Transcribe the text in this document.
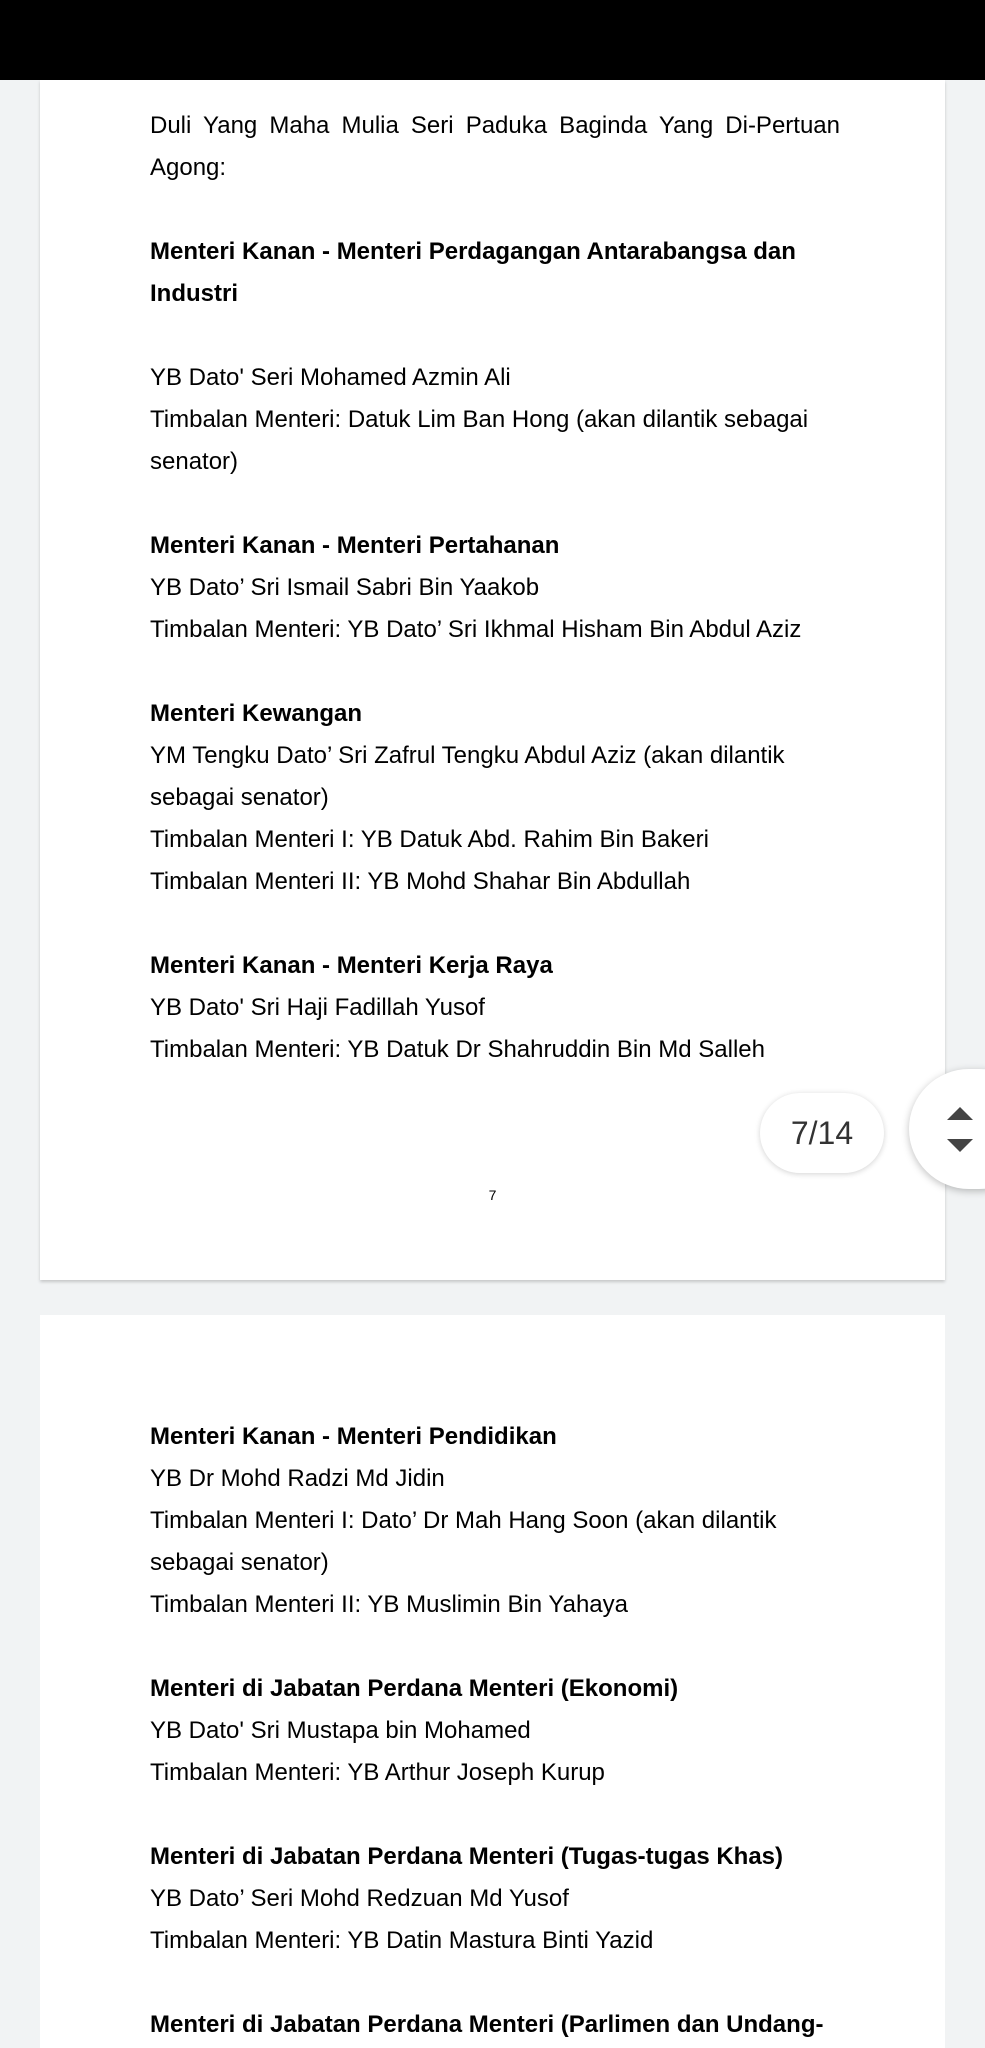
Duli Yang Maha Mulia Seri Paduka Baginda Yang Di-Pertuan
Agong:
Menteri Kanan - Menteri Perdagangan Antarabangsa dan
Industri
YB Dato' Seri Mohamed Azmin Ali
Timbalan Menteri: Datuk Lim Ban Hong (akan dilantik sebagai
senator)
Menteri Kanan - Menteri Pertahanan
YB Dato’ Sri Ismail Sabri Bin Yaakob
Timbalan Menteri: YB Dato’ Sri Ikhmal Hisham Bin Abdul Aziz
Menteri Kewangan
YM Tengku Dato’ Sri Zafrul Tengku Abdul Aziz (akan dilantik
sebagai senator)
Timbalan Menteri I: YB Datuk Abd. Rahim Bin Bakeri
Timbalan Menteri II: YB Mohd Shahar Bin Abdullah
Menteri Kanan - Menteri Kerja Raya
YB Dato' Sri Haji Fadillah Yusof
Timbalan Menteri: YB Datuk Dr Shahruddin Bin Md Salleh
7
Menteri Kanan - Menteri Pendidikan
YB Dr Mohd Radzi Md Jidin
Timbalan Menteri I: Dato’ Dr Mah Hang Soon (akan dilantik
sebagai senator)
Timbalan Menteri II: YB Muslimin Bin Yahaya
Menteri di Jabatan Perdana Menteri (Ekonomi)
YB Dato' Sri Mustapa bin Mohamed
Timbalan Menteri: YB Arthur Joseph Kurup
Menteri di Jabatan Perdana Menteri (Tugas-tugas Khas)
YB Dato’ Seri Mohd Redzuan Md Yusof
Timbalan Menteri: YB Datin Mastura Binti Yazid
Menteri di Jabatan Perdana Menteri (Parlimen dan Undang-
7/14
